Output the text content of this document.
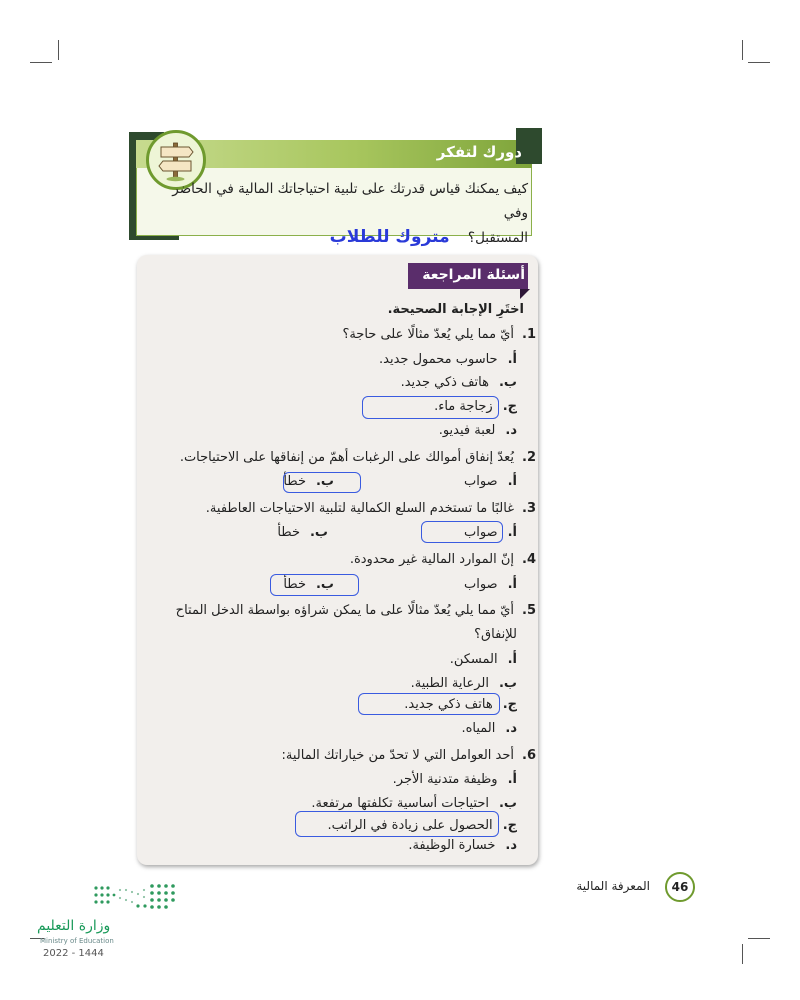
دورك لتفكر
كيف يمكنك قياس قدرتك على تلبية احتياجاتك المالية في الحاضر وفي
المستقبل؟ متروك للطلاب
أسئلة المراجعة
اختَرِ الإجابة الصحيحة.
1.أيّ مما يلي يُعدّ مثالًا على حاجة؟
أ.حاسوب محمول جديد.
ب.هاتف ذكي جديد.
ج.زجاجة ماء.
د.لعبة فيديو.
2.يُعدّ إنفاق أموالك على الرغبات أهمّ من إنفاقها على الاحتياجات.
أ.صواب
ب.خطأ
3.غالبًا ما تستخدم السلع الكمالية لتلبية الاحتياجات العاطفية.
أ.صواب
ب.خطأ
4.إنّ الموارد المالية غير محدودة.
أ.صواب
ب.خطأ
5.أيّ مما يلي يُعدّ مثالًا على ما يمكن شراؤه بواسطة الدخل المتاح
للإنفاق؟
أ.المسكن.
ب.الرعاية الطبية.
ج.هاتف ذكي جديد.
د.المياه.
6.أحد العوامل التي لا تحدّ من خياراتك المالية:
أ.وظيفة متدنية الأجر.
ب.احتياجات أساسية تكلفتها مرتفعة.
ج.الحصول على زيادة في الراتب.
د.خسارة الوظيفة.
46
المعرفة المالية
وزارة التعليم
Ministry of Education
2022 - 1444
